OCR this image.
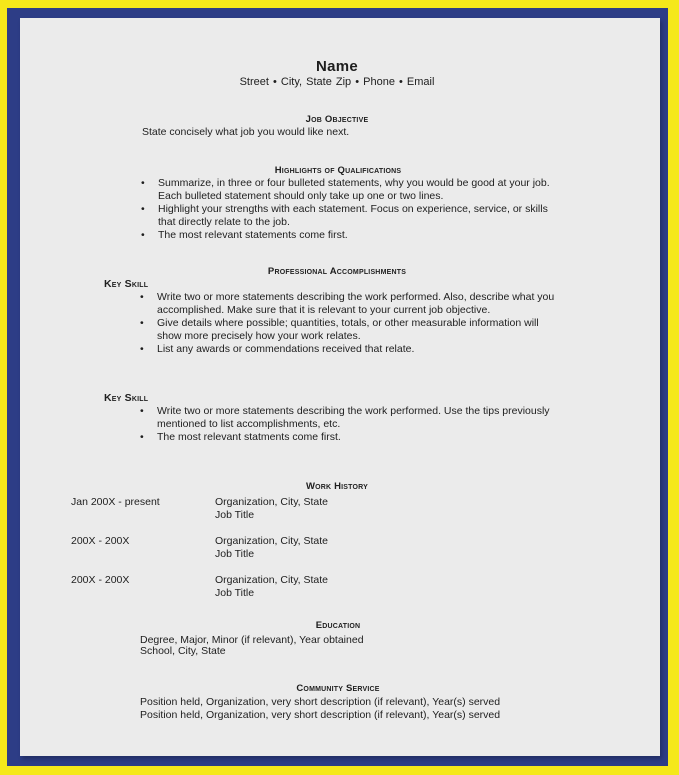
Name
Street • City, State Zip • Phone • Email
Job Objective
State concisely what job you would like next.
Highlights of Qualifications
• Summarize, in three or four bulleted statements, why you would be good at your job.
Each bulleted statement should only take up one or two lines.
• Highlight your strengths with each statement. Focus on experience, service, or skills
that directly relate to the job.
• The most relevant statements come first.
Professional Accomplishments
Key Skill
• Write two or more statements describing the work performed. Also, describe what you
accomplished. Make sure that it is relevant to your current job objective.
• Give details where possible; quantities, totals, or other measurable information will
show more precisely how your work relates.
• List any awards or commendations received that relate.
Key Skill
• Write two or more statements describing the work performed. Use the tips previously
mentioned to list accomplishments, etc.
• The most relevant statments come first.
Work History
Jan 200X - present	Organization, City, State
Job Title
200X - 200X	Organization, City, State
Job Title
200X - 200X	Organization, City, State
Job Title
Education
Degree, Major, Minor (if relevant), Year obtained
School, City, State
Community Service
Position held, Organization, very short description (if relevant), Year(s) served
Position held, Organization, very short description (if relevant), Year(s) served
